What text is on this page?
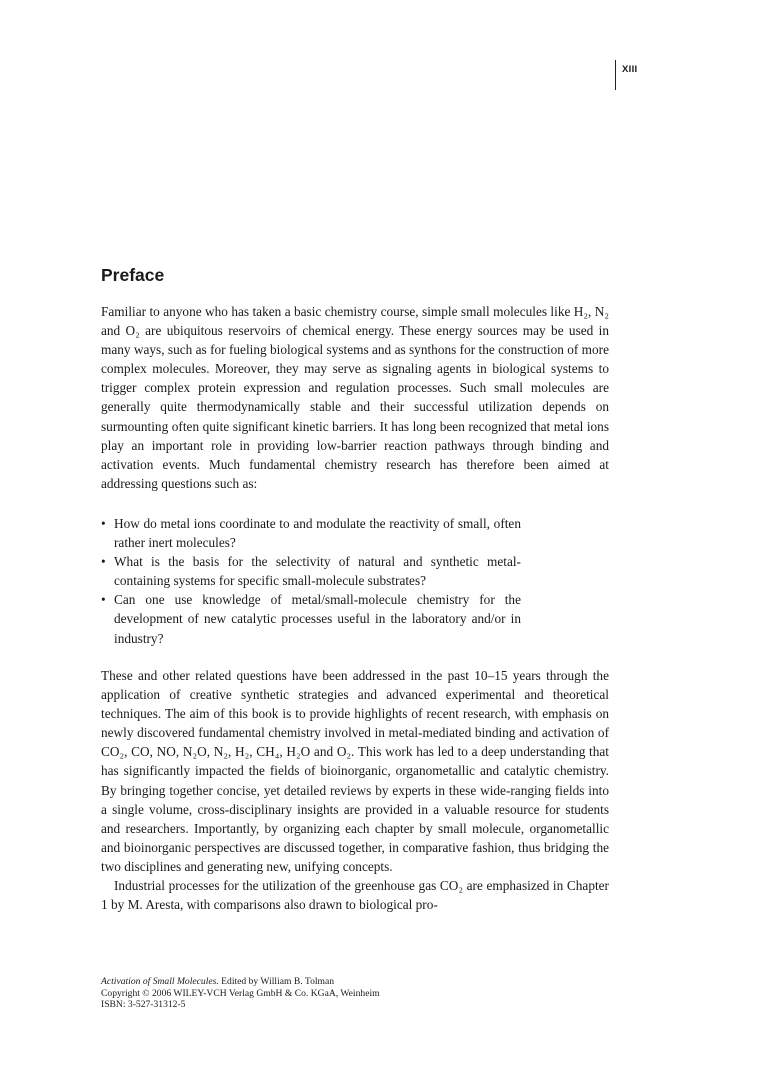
XIII
Preface

Familiar to anyone who has taken a basic chemistry course, simple small molecules like H₂, N₂ and O₂ are ubiquitous reservoirs of chemical energy. These energy sources may be used in many ways, such as for fueling biological systems and as synthons for the construction of more complex molecules. Moreover, they may serve as signaling agents in biological systems to trigger complex protein expression and regulation processes. Such small molecules are generally quite thermodynamically stable and their successful utilization depends on surmounting often quite significant kinetic barriers. It has long been recognized that metal ions play an important role in providing low-barrier reaction pathways through binding and activation events. Much fundamental chemistry research has therefore been aimed at addressing questions such as:

• How do metal ions coordinate to and modulate the reactivity of small, often rather inert molecules?
• What is the basis for the selectivity of natural and synthetic metal-containing systems for specific small-molecule substrates?
• Can one use knowledge of metal/small-molecule chemistry for the development of new catalytic processes useful in the laboratory and/or in industry?

These and other related questions have been addressed in the past 10–15 years through the application of creative synthetic strategies and advanced experimental and theoretical techniques. The aim of this book is to provide highlights of recent research, with emphasis on newly discovered fundamental chemistry involved in metal-mediated binding and activation of CO₂, CO, NO, N₂O, N₂, H₂, CH₄, H₂O and O₂. This work has led to a deep understanding that has significantly impacted the fields of bioinorganic, organometallic and catalytic chemistry. By bringing together concise, yet detailed reviews by experts in these wide-ranging fields into a single volume, cross-disciplinary insights are provided in a valuable resource for students and researchers. Importantly, by organizing each chapter by small molecule, organometallic and bioinorganic perspectives are discussed together, in comparative fashion, thus bridging the two disciplines and generating new, unifying concepts.

Industrial processes for the utilization of the greenhouse gas CO₂ are emphasized in Chapter 1 by M. Aresta, with comparisons also drawn to biological pro-

Activation of Small Molecules. Edited by William B. Tolman
Copyright © 2006 WILEY-VCH Verlag GmbH & Co. KGaA, Weinheim
ISBN: 3-527-31312-5
